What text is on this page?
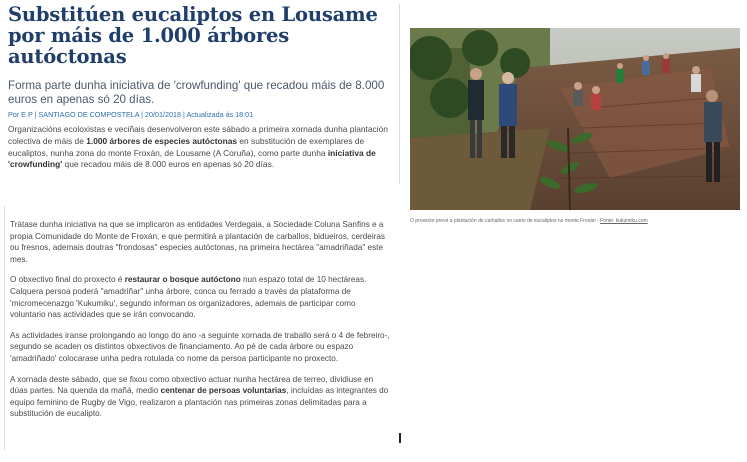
Substitúen eucaliptos en Lousame por máis de 1.000 árbores autóctonas

Forma parte dunha iniciativa de 'crowfunding' que recadou máis de 8.000 euros en apenas só 20 días.

Por E.P | SANTIAGO DE COMPOSTELA | 20/01/2018 | Actualizada ás 18:01

Organizacións ecoloxistas e veciñais desenvolveron este sábado a primeira xornada dunha plantación colectiva de máis de 1.000 árbores de especies autóctonas en substitución de exemplares de eucaliptos, nunha zona do monte Froxán, de Lousame (A Coruña), como parte dunha iniciativa de 'crowfunding' que recadou máis de 8.000 euros en apenas só 20 días.

O proxecto prevé a plantación de carballos no canto de eucaliptos no monte Froxán · Fonte: kukumiku.com

Trátase dunha iniciativa na que se implicaron as entidades Verdegaia, a Sociedade Coluna Sanfins e a propia Comunidade do Monte de Froxán, e que permitirá a plantación de carballos, bidueiros, cerdeiras ou fresnos, ademais doutras "frondosas" especies autóctonas, na primeira hectárea "amadriñada" este mes.

O obxectivo final do proxecto é restaurar o bosque autóctono nun espazo total de 10 hectáreas. Calquera persoa poderá "amadriñar" unha árbore, conca ou ferrado a través da plataforma de 'micromecenazgo 'Kukumiku', segundo informan os organizadores, ademais de participar como voluntario nas actividades que se irán convocando.

As actividades iranse prolongando ao longo do ano -a seguinte xornada de traballo será o 4 de febreiro-, segundo se acaden os distintos obxectivos de financiamento. Ao pé de cada árbore ou espazo 'amadriñado' colocarase unha pedra rotulada co nome da persoa participante no proxecto.

A xornada deste sábado, que se fixou como obxectivo actuar nunha hectárea de terreo, dividiuse en dúas partes. Na quenda da mañá, medio centenar de persoas voluntarias, incluídas as integrantes do equipo feminino de Rugby de Vigo, realizaron a plantación nas primeiras zonas delimitadas para a substitución de eucalipto.
